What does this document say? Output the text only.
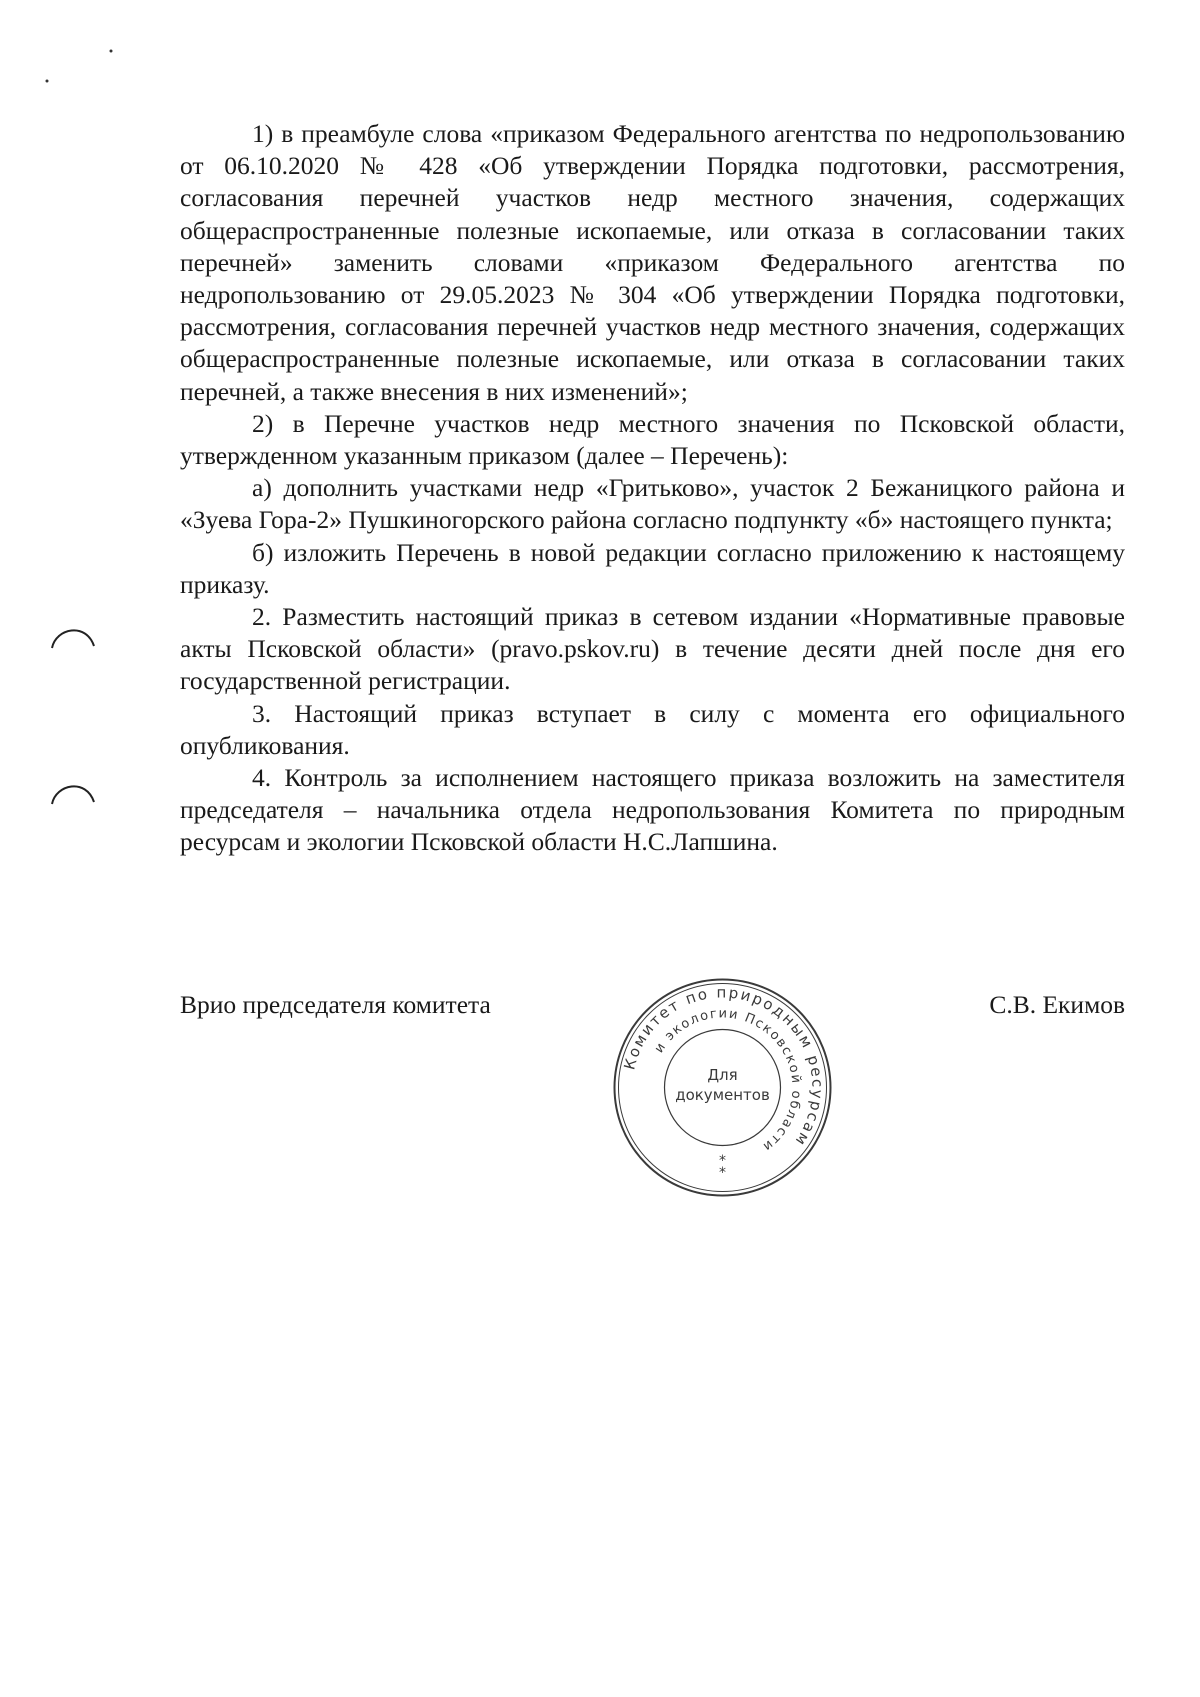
1) в преамбуле слова «приказом Федерального агентства по недропользованию от 06.10.2020 № 428 «Об утверждении Порядка подготовки, рассмотрения, согласования перечней участков недр местного значения, содержащих общераспространенные полезные ископаемые, или отказа в согласовании таких перечней» заменить словами «приказом Федерального агентства по недропользованию от 29.05.2023 № 304 «Об утверждении Порядка подготовки, рассмотрения, согласования перечней участков недр местного значения, содержащих общераспространенные полезные ископаемые, или отказа в согласовании таких перечней, а также внесения в них изменений»;

2) в Перечне участков недр местного значения по Псковской области, утвержденном указанным приказом (далее – Перечень):

а) дополнить участками недр «Гритьково», участок 2 Бежаницкого района и «Зуева Гора-2» Пушкиногорского района согласно подпункту «б» настоящего пункта;

б) изложить Перечень в новой редакции согласно приложению к настоящему приказу.

2. Разместить настоящий приказ в сетевом издании «Нормативные правовые акты Псковской области» (pravo.pskov.ru) в течение десяти дней после дня его государственной регистрации.

3. Настоящий приказ вступает в силу с момента его официального опубликования.

4. Контроль за исполнением настоящего приказа возложить на заместителя председателя – начальника отдела недропользования Комитета по природным ресурсам и экологии Псковской области Н.С.Лапшина.

Врио председателя комитета	С.В. Екимов
Комитет по природным ресурсам
и экологии Псковской области
Для
документов
*
*
